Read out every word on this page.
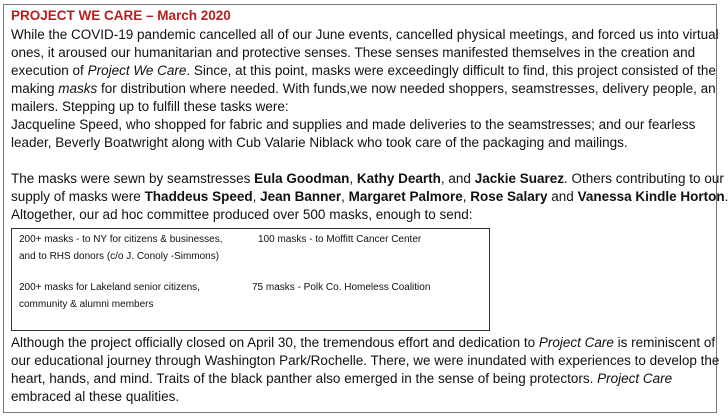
PROJECT WE CARE – March 2020
While the COVID-19 pandemic cancelled all of our June events, cancelled physical meetings, and forced us into virtual
ones, it aroused our humanitarian and protective senses. These senses manifested themselves in the creation and
execution of Project We Care. Since, at this point, masks were exceedingly difficult to find, this project consisted of the
making masks for distribution where needed. With funds,we now needed shoppers, seamstresses, delivery people, an
mailers. Stepping up to fulfill these tasks were:
Jacqueline Speed, who shopped for fabric and supplies and made deliveries to the seamstresses; and our fearless
leader, Beverly Boatwright along with Cub Valarie Niblack who took care of the packaging and mailings.
The masks were sewn by seamstresses Eula Goodman, Kathy Dearth, and Jackie Suarez. Others contributing to our
supply of masks were Thaddeus Speed, Jean Banner, Margaret Palmore, Rose Salary and Vanessa Kindle Horton.
Altogether, our ad hoc committee produced over 500 masks, enough to send:
200+ masks - to NY for citizens & businesses,
and to RHS donors (c/o J. Conoly -Simmons)
100 masks - to Moffitt Cancer Center
200+ masks for Lakeland senior citizens,
community & alumni members
75 masks - Polk Co. Homeless Coalition
Although the project officially closed on April 30, the tremendous effort and dedication to Project Care is reminiscent of
our educational journey through Washington Park/Rochelle. There, we were inundated with experiences to develop the
heart, hands, and mind. Traits of the black panther also emerged in the sense of being protectors. Project Care
embraced al these qualities.
